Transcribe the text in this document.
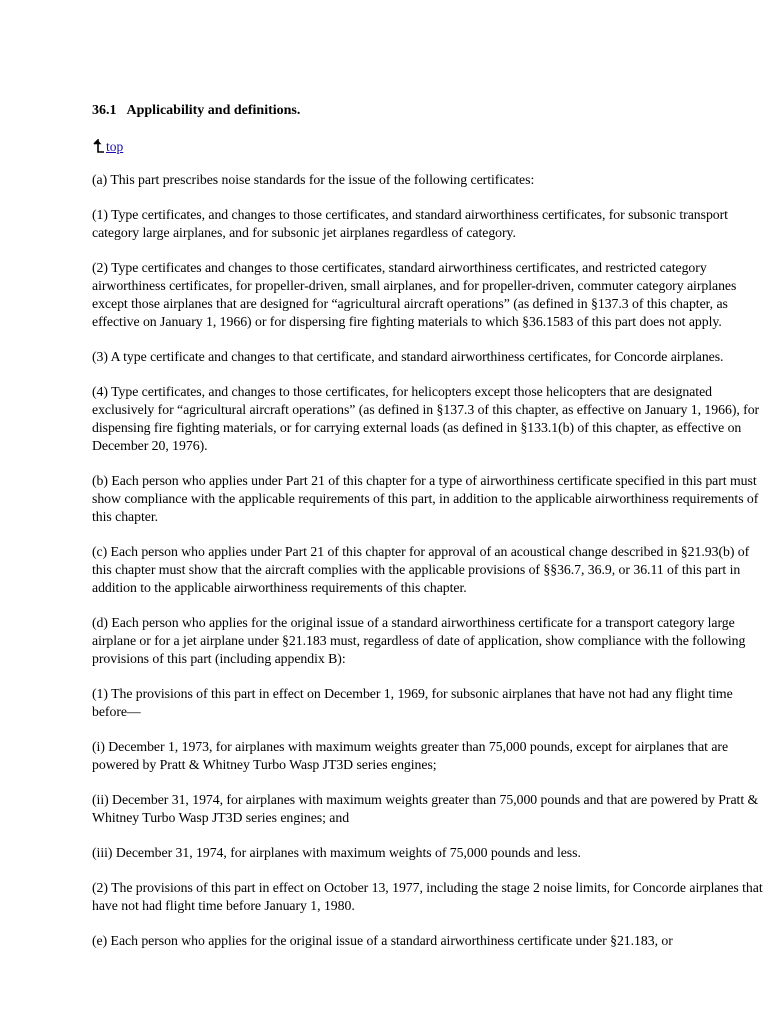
36.1 Applicability and definitions.
top

(a) This part prescribes noise standards for the issue of the following certificates:

(1) Type certificates, and changes to those certificates, and standard airworthiness certificates, for subsonic transport category large airplanes, and for subsonic jet airplanes regardless of category.

(2) Type certificates and changes to those certificates, standard airworthiness certificates, and restricted category airworthiness certificates, for propeller-driven, small airplanes, and for propeller-driven, commuter category airplanes except those airplanes that are designed for “agricultural aircraft operations” (as defined in §137.3 of this chapter, as effective on January 1, 1966) or for dispersing fire fighting materials to which §36.1583 of this part does not apply.

(3) A type certificate and changes to that certificate, and standard airworthiness certificates, for Concorde airplanes.

(4) Type certificates, and changes to those certificates, for helicopters except those helicopters that are designated exclusively for “agricultural aircraft operations” (as defined in §137.3 of this chapter, as effective on January 1, 1966), for dispensing fire fighting materials, or for carrying external loads (as defined in §133.1(b) of this chapter, as effective on December 20, 1976).

(b) Each person who applies under Part 21 of this chapter for a type of airworthiness certificate specified in this part must show compliance with the applicable requirements of this part, in addition to the applicable airworthiness requirements of this chapter.

(c) Each person who applies under Part 21 of this chapter for approval of an acoustical change described in §21.93(b) of this chapter must show that the aircraft complies with the applicable provisions of §§36.7, 36.9, or 36.11 of this part in addition to the applicable airworthiness requirements of this chapter.

(d) Each person who applies for the original issue of a standard airworthiness certificate for a transport category large airplane or for a jet airplane under §21.183 must, regardless of date of application, show compliance with the following provisions of this part (including appendix B):

(1) The provisions of this part in effect on December 1, 1969, for subsonic airplanes that have not had any flight time before—

(i) December 1, 1973, for airplanes with maximum weights greater than 75,000 pounds, except for airplanes that are powered by Pratt & Whitney Turbo Wasp JT3D series engines;

(ii) December 31, 1974, for airplanes with maximum weights greater than 75,000 pounds and that are powered by Pratt & Whitney Turbo Wasp JT3D series engines; and

(iii) December 31, 1974, for airplanes with maximum weights of 75,000 pounds and less.

(2) The provisions of this part in effect on October 13, 1977, including the stage 2 noise limits, for Concorde airplanes that have not had flight time before January 1, 1980.

(e) Each person who applies for the original issue of a standard airworthiness certificate under §21.183, or
